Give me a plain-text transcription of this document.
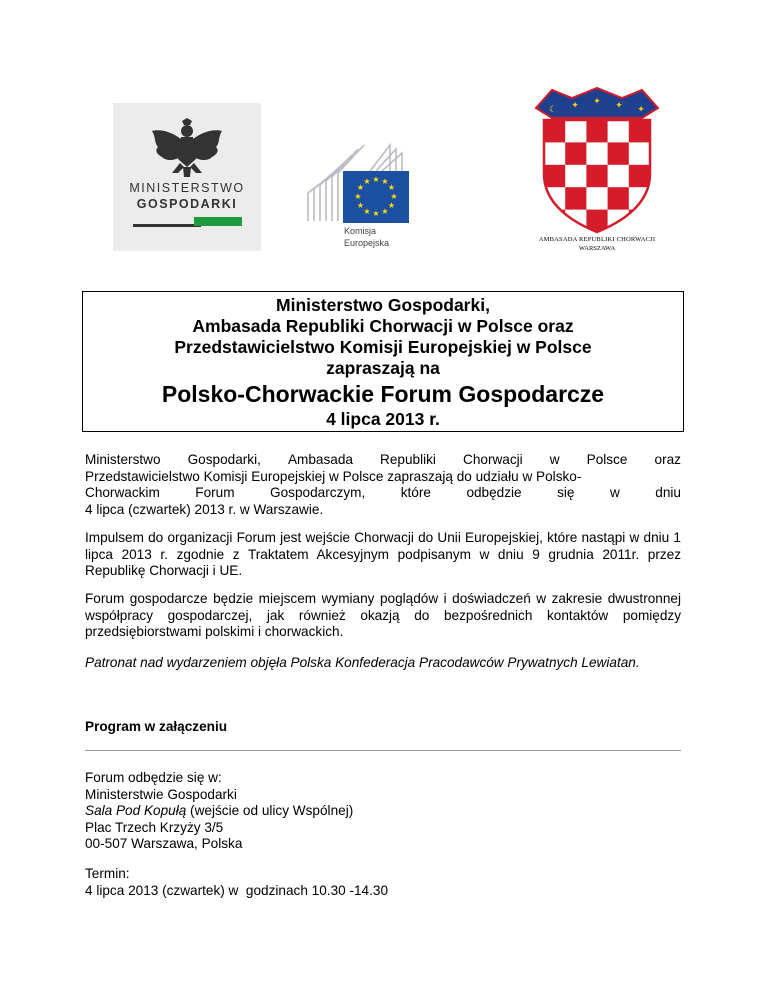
MINISTERSTWO
GOSPODARKI
★ ★
★
★
★
★
★
★
★
★
★
★
Komisja
Europejska
☾ ✦ ✦ ✦ ✦
AMBASADA REPUBLIKI CHORWACJI
WARSZAWA
Ministerstwo Gospodarki,
Ambasada Republiki Chorwacji w Polsce oraz
Przedstawicielstwo Komisji Europejskiej w Polsce
zapraszają na
Polsko-Chorwackie Forum Gospodarcze
4 lipca 2013 r.
Ministerstwo Gospodarki, Ambasada Republiki Chorwacji w Polsce oraz
Przedstawicielstwo Komisji Europejskiej w Polsce zapraszają do udziału w Polsko-
Chorwackim	Forum	Gospodarczym,	które	odbędzie	się	w	dniu
4 lipca (czwartek) 2013 r. w Warszawie.

Impulsem do organizacji Forum jest wejście Chorwacji do Unii Europejskiej, które nastąpi w dniu 1 lipca 2013 r. zgodnie z Traktatem Akcesyjnym podpisanym w dniu 9 grudnia 2011r. przez Republikę Chorwacji i UE.

Forum gospodarcze będzie miejscem wymiany poglądów i doświadczeń w zakresie dwustronnej współpracy gospodarczej, jak również okazją do bezpośrednich kontaktów pomiędzy przedsiębiorstwami polskimi i chorwackich.

Patronat nad wydarzeniem objęła Polska Konfederacja Pracodawców Prywatnych Lewiatan.

Program w załączeniu

Forum odbędzie się w:
Ministerstwie Gospodarki
Sala Pod Kopułą (wejście od ulicy Wspólnej)
Plac Trzech Krzyży 3/5
00-507 Warszawa, Polska
Termin:
4 lipca 2013 (czwartek) w  godzinach 10.30 -14.30
